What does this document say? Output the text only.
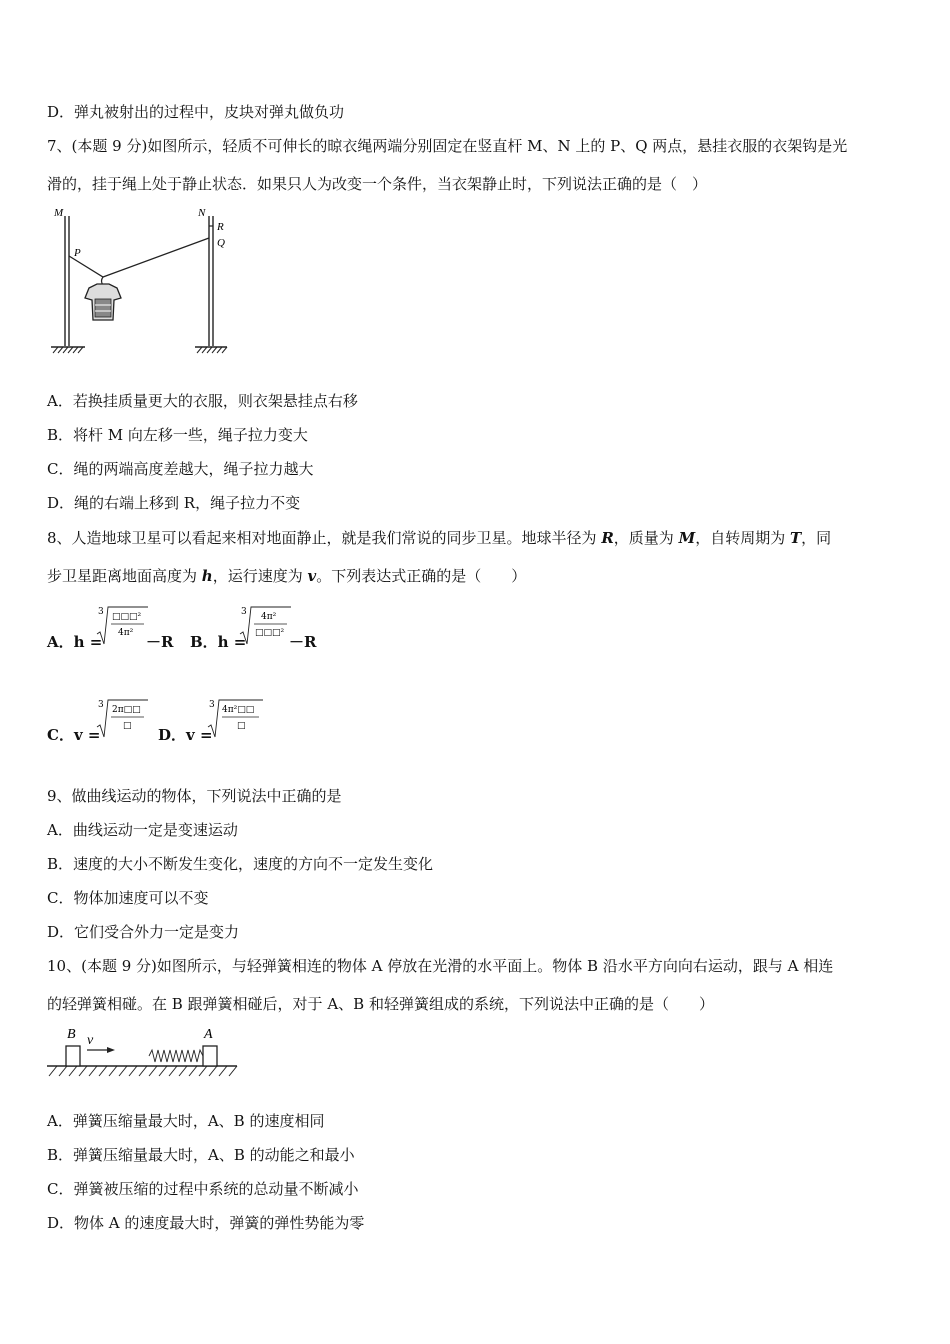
D．弹丸被射出的过程中，皮块对弹丸做负功
7、(本题 9 分)如图所示，轻质不可伸长的晾衣绳两端分别固定在竖直杆 M、N 上的 P、Q 两点，悬挂衣服的衣架钩是光
滑的，挂于绳上处于静止状态．如果只人为改变一个条件，当衣架静止时，下列说法正确的是（　）
M	N
P
R
Q
A．若换挂质量更大的衣服，则衣架悬挂点右移
B．将杆 M 向左移一些，绳子拉力变大
C．绳的两端高度差越大，绳子拉力越大
D．绳的右端上移到 R，绳子拉力不变
8、人造地球卫星可以看起来相对地面静止，就是我们常说的同步卫星。地球半径为 R，质量为 M，自转周期为 T，同
步卫星距离地面高度为 h，运行速度为 v。下列表达式正确的是（　　）
A．h =
3 □□□²
4π² －R B．h =
3 4π²
□□□² －R
C．v =
3 2π□□
□ D．v =
3 4π²□□
□
9、做曲线运动的物体，下列说法中正确的是
A．曲线运动一定是变速运动
B．速度的大小不断发生变化，速度的方向不一定发生变化
C．物体加速度可以不变
D．它们受合外力一定是变力
10、(本题 9 分)如图所示，与轻弹簧相连的物体 A 停放在光滑的水平面上。物体 B 沿水平方向向右运动，跟与 A 相连
的轻弹簧相碰。在 B 跟弹簧相碰后，对于 A、B 和轻弹簧组成的系统，下列说法中正确的是（　　）
B v	A
A．弹簧压缩量最大时，A、B 的速度相同
B．弹簧压缩量最大时，A、B 的动能之和最小
C．弹簧被压缩的过程中系统的总动量不断减小
D．物体 A 的速度最大时，弹簧的弹性势能为零
